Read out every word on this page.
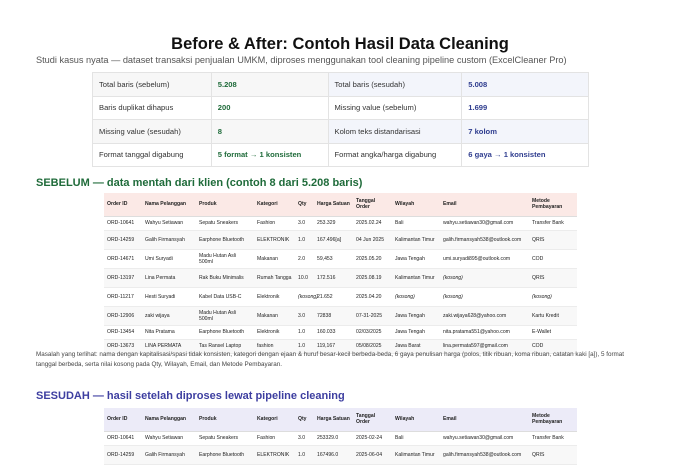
Before & After: Contoh Hasil Data Cleaning
Studi kasus nyata — dataset transaksi penjualan UMKM, diproses menggunakan tool cleaning pipeline custom (ExcelCleaner Pro)
Total baris (sebelum)	5.208	Total baris (sesudah)	5.008
Baris duplikat dihapus	200	Missing value (sebelum)	1.699
Missing value (sesudah)	8	Kolom teks distandarisasi	7 kolom
Format tanggal digabung	5 format → 1 konsisten	Format angka/harga digabung	6 gaya → 1 konsisten
SEBELUM — data mentah dari klien (contoh 8 dari 5.208 baris)
Order ID	Nama Pelanggan	Produk	Kategori	Qty	Harga Satuan	Tanggal Order	Wilayah	Email	Metode Pembayaran
ORD-10641	Wahyu Setiawan	Sepatu Sneakers	Fashion	3.0	253.329	2025.02.24	Bali	wahyu.setiawan30@gmail.com	Transfer Bank
ORD-14259	Galih Firmansyah	Earphone Bluetooth	ELEKTRONIK	1.0	167.496[a]	04 Jun 2025	Kalimantan Timur	galih.firmansyah538@outlook.com	QRIS
ORD-14671	Umi Suryadi	Madu Hutan Asli 500ml	Makanan	2.0	59,453	2025.05.20	Jawa Tengah	umi.suryadi895@outlook.com	COD
ORD-13197	Lina Permata	Rak Buku Minimalis	Rumah Tangga	10.0	172.516	2025.08.19	Kalimantan Timur	(kosong)	QRIS
ORD-11217	Hesti Suryadi	Kabel Data USB-C	Elektronik	(kosong)	21.652	2025.04.20	(kosong)	(kosong)	(kosong)
ORD-12906	zaki wijaya	Madu Hutan Asli 500ml	Makanan	3.0	72838	07-31-2025	Jawa Tengah	zaki.wijaya628@yahoo.com	Kartu Kredit
ORD-13454	Nita Pratama	Earphone Bluetooth	Elektronik	1.0	160.033	02/03/2025	Jawa Tengah	nita.pratama551@yahoo.com	E-Wallet
ORD-13673	LINA PERMATA	Tas Ransel Laptop	fashion	1.0	119,167	05/08/2025	Jawa Barat	lina.permata597@gmail.com	COD
Masalah yang terlihat: nama dengan kapitalisasi/spasi tidak konsisten, kategori dengan ejaan & huruf besar-kecil berbeda-beda, 6 gaya penulisan harga (polos, titik ribuan, koma ribuan, catatan kaki [a]), 5 format tanggal berbeda, serta nilai kosong pada Qty, Wilayah, Email, dan Metode Pembayaran.
SESUDAH — hasil setelah diproses lewat pipeline cleaning
Order ID	Nama Pelanggan	Produk	Kategori	Qty	Harga Satuan	Tanggal Order	Wilayah	Email	Metode Pembayaran
ORD-10641	Wahyu Setiawan	Sepatu Sneakers	Fashion	3.0	253329.0	2025-02-24	Bali	wahyu.setiawan30@gmail.com	Transfer Bank
ORD-14259	Galih Firmansyah	Earphone Bluetooth	ELEKTRONIK	1.0	167496.0	2025-06-04	Kalimantan Timur	galih.firmansyah538@outlook.com	QRIS
